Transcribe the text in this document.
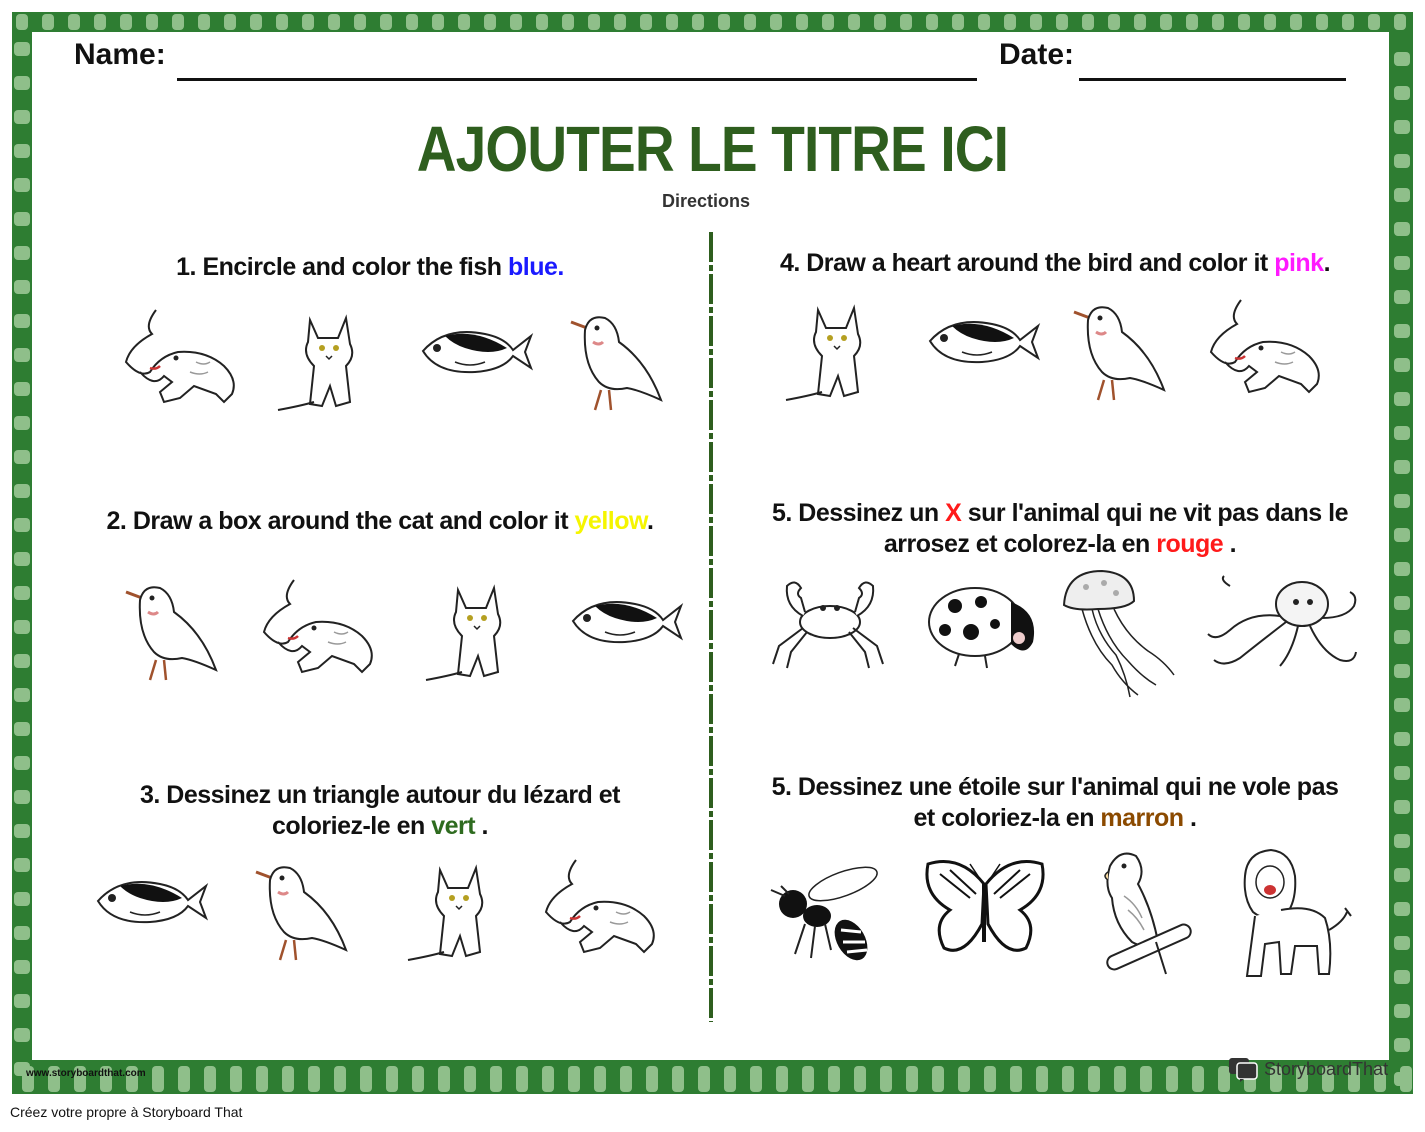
Name:	Date:
AJOUTER LE TITRE ICI
Directions
1. Encircle and color the fish blue.
2. Draw a box around the cat and color it yellow.
3. Dessinez un triangle autour du lézard et coloriez-le en vert .
4. Draw a heart around the bird and color it pink.
5. Dessinez un X sur l'animal qui ne vit pas dans le arrosez et colorez-la en rouge .
5. Dessinez une étoile sur l'animal qui ne vole pas et coloriez-la en marron .
www.storyboardthat.com	StoryboardThat
Créez votre propre à Storyboard That
